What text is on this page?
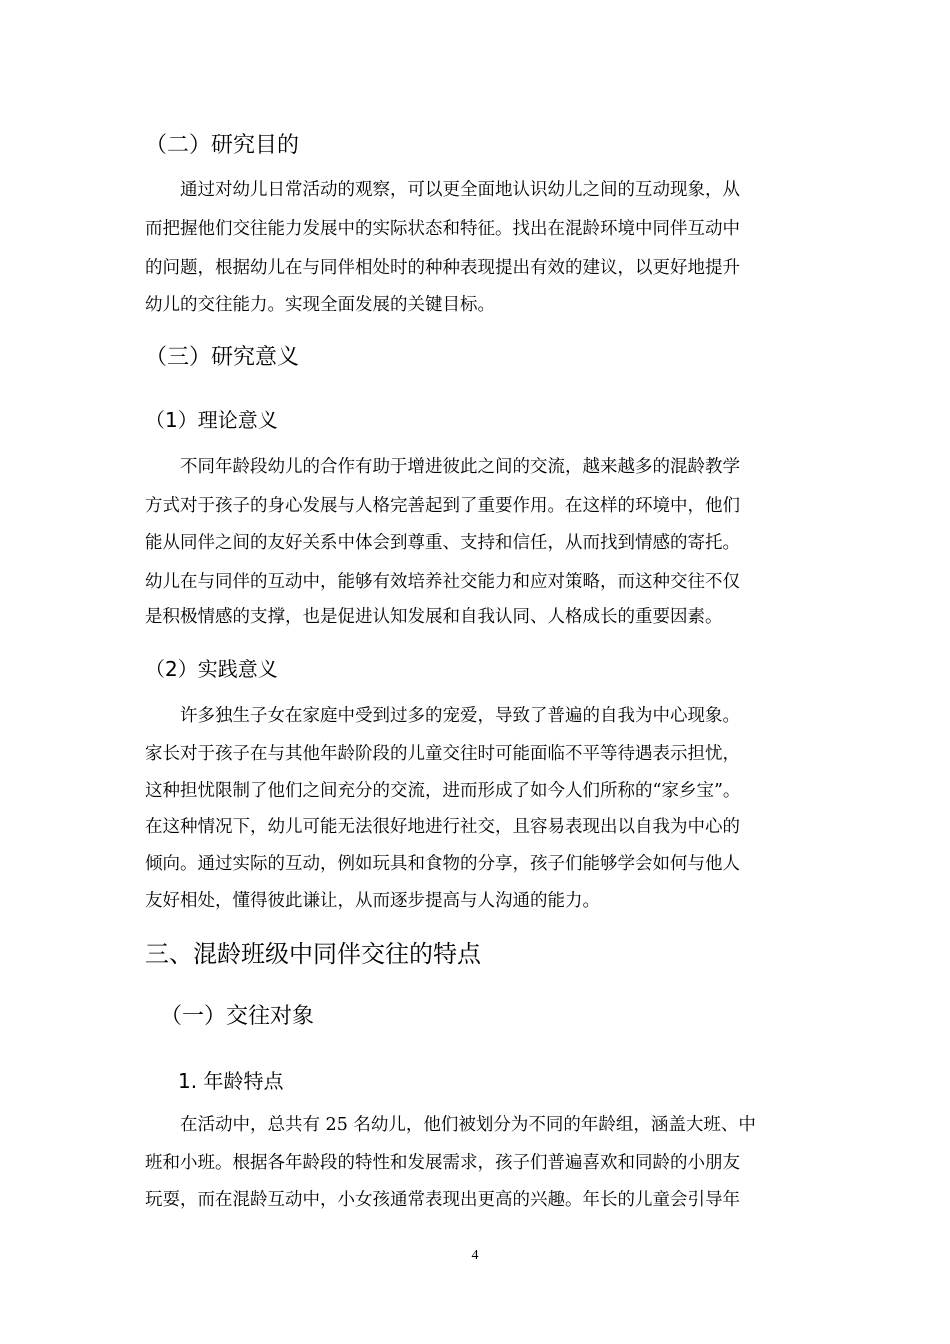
（二）研究目的
通过对幼儿日常活动的观察，可以更全面地认识幼儿之间的互动现象，从
而把握他们交往能力发展中的实际状态和特征。找出在混龄环境中同伴互动中
的问题，根据幼儿在与同伴相处时的种种表现提出有效的建议，以更好地提升
幼儿的交往能力。实现全面发展的关键目标。
（三）研究意义
（1）理论意义
不同年龄段幼儿的合作有助于增进彼此之间的交流，越来越多的混龄教学
方式对于孩子的身心发展与人格完善起到了重要作用。在这样的环境中，他们
能从同伴之间的友好关系中体会到尊重、支持和信任，从而找到情感的寄托。
幼儿在与同伴的互动中，能够有效培养社交能力和应对策略，而这种交往不仅
是积极情感的支撑，也是促进认知发展和自我认同、人格成长的重要因素。
（2）实践意义
许多独生子女在家庭中受到过多的宠爱，导致了普遍的自我为中心现象。
家长对于孩子在与其他年龄阶段的儿童交往时可能面临不平等待遇表示担忧，
这种担忧限制了他们之间充分的交流，进而形成了如今人们所称的“家乡宝”。
在这种情况下，幼儿可能无法很好地进行社交，且容易表现出以自我为中心的
倾向。通过实际的互动，例如玩具和食物的分享，孩子们能够学会如何与他人
友好相处，懂得彼此谦让，从而逐步提高与人沟通的能力。
三、混龄班级中同伴交往的特点
（一）交往对象
1. 年龄特点
在活动中，总共有 25 名幼儿，他们被划分为不同的年龄组，涵盖大班、中
班和小班。根据各年龄段的特性和发展需求，孩子们普遍喜欢和同龄的小朋友
玩耍，而在混龄互动中，小女孩通常表现出更高的兴趣。年长的儿童会引导年
4
